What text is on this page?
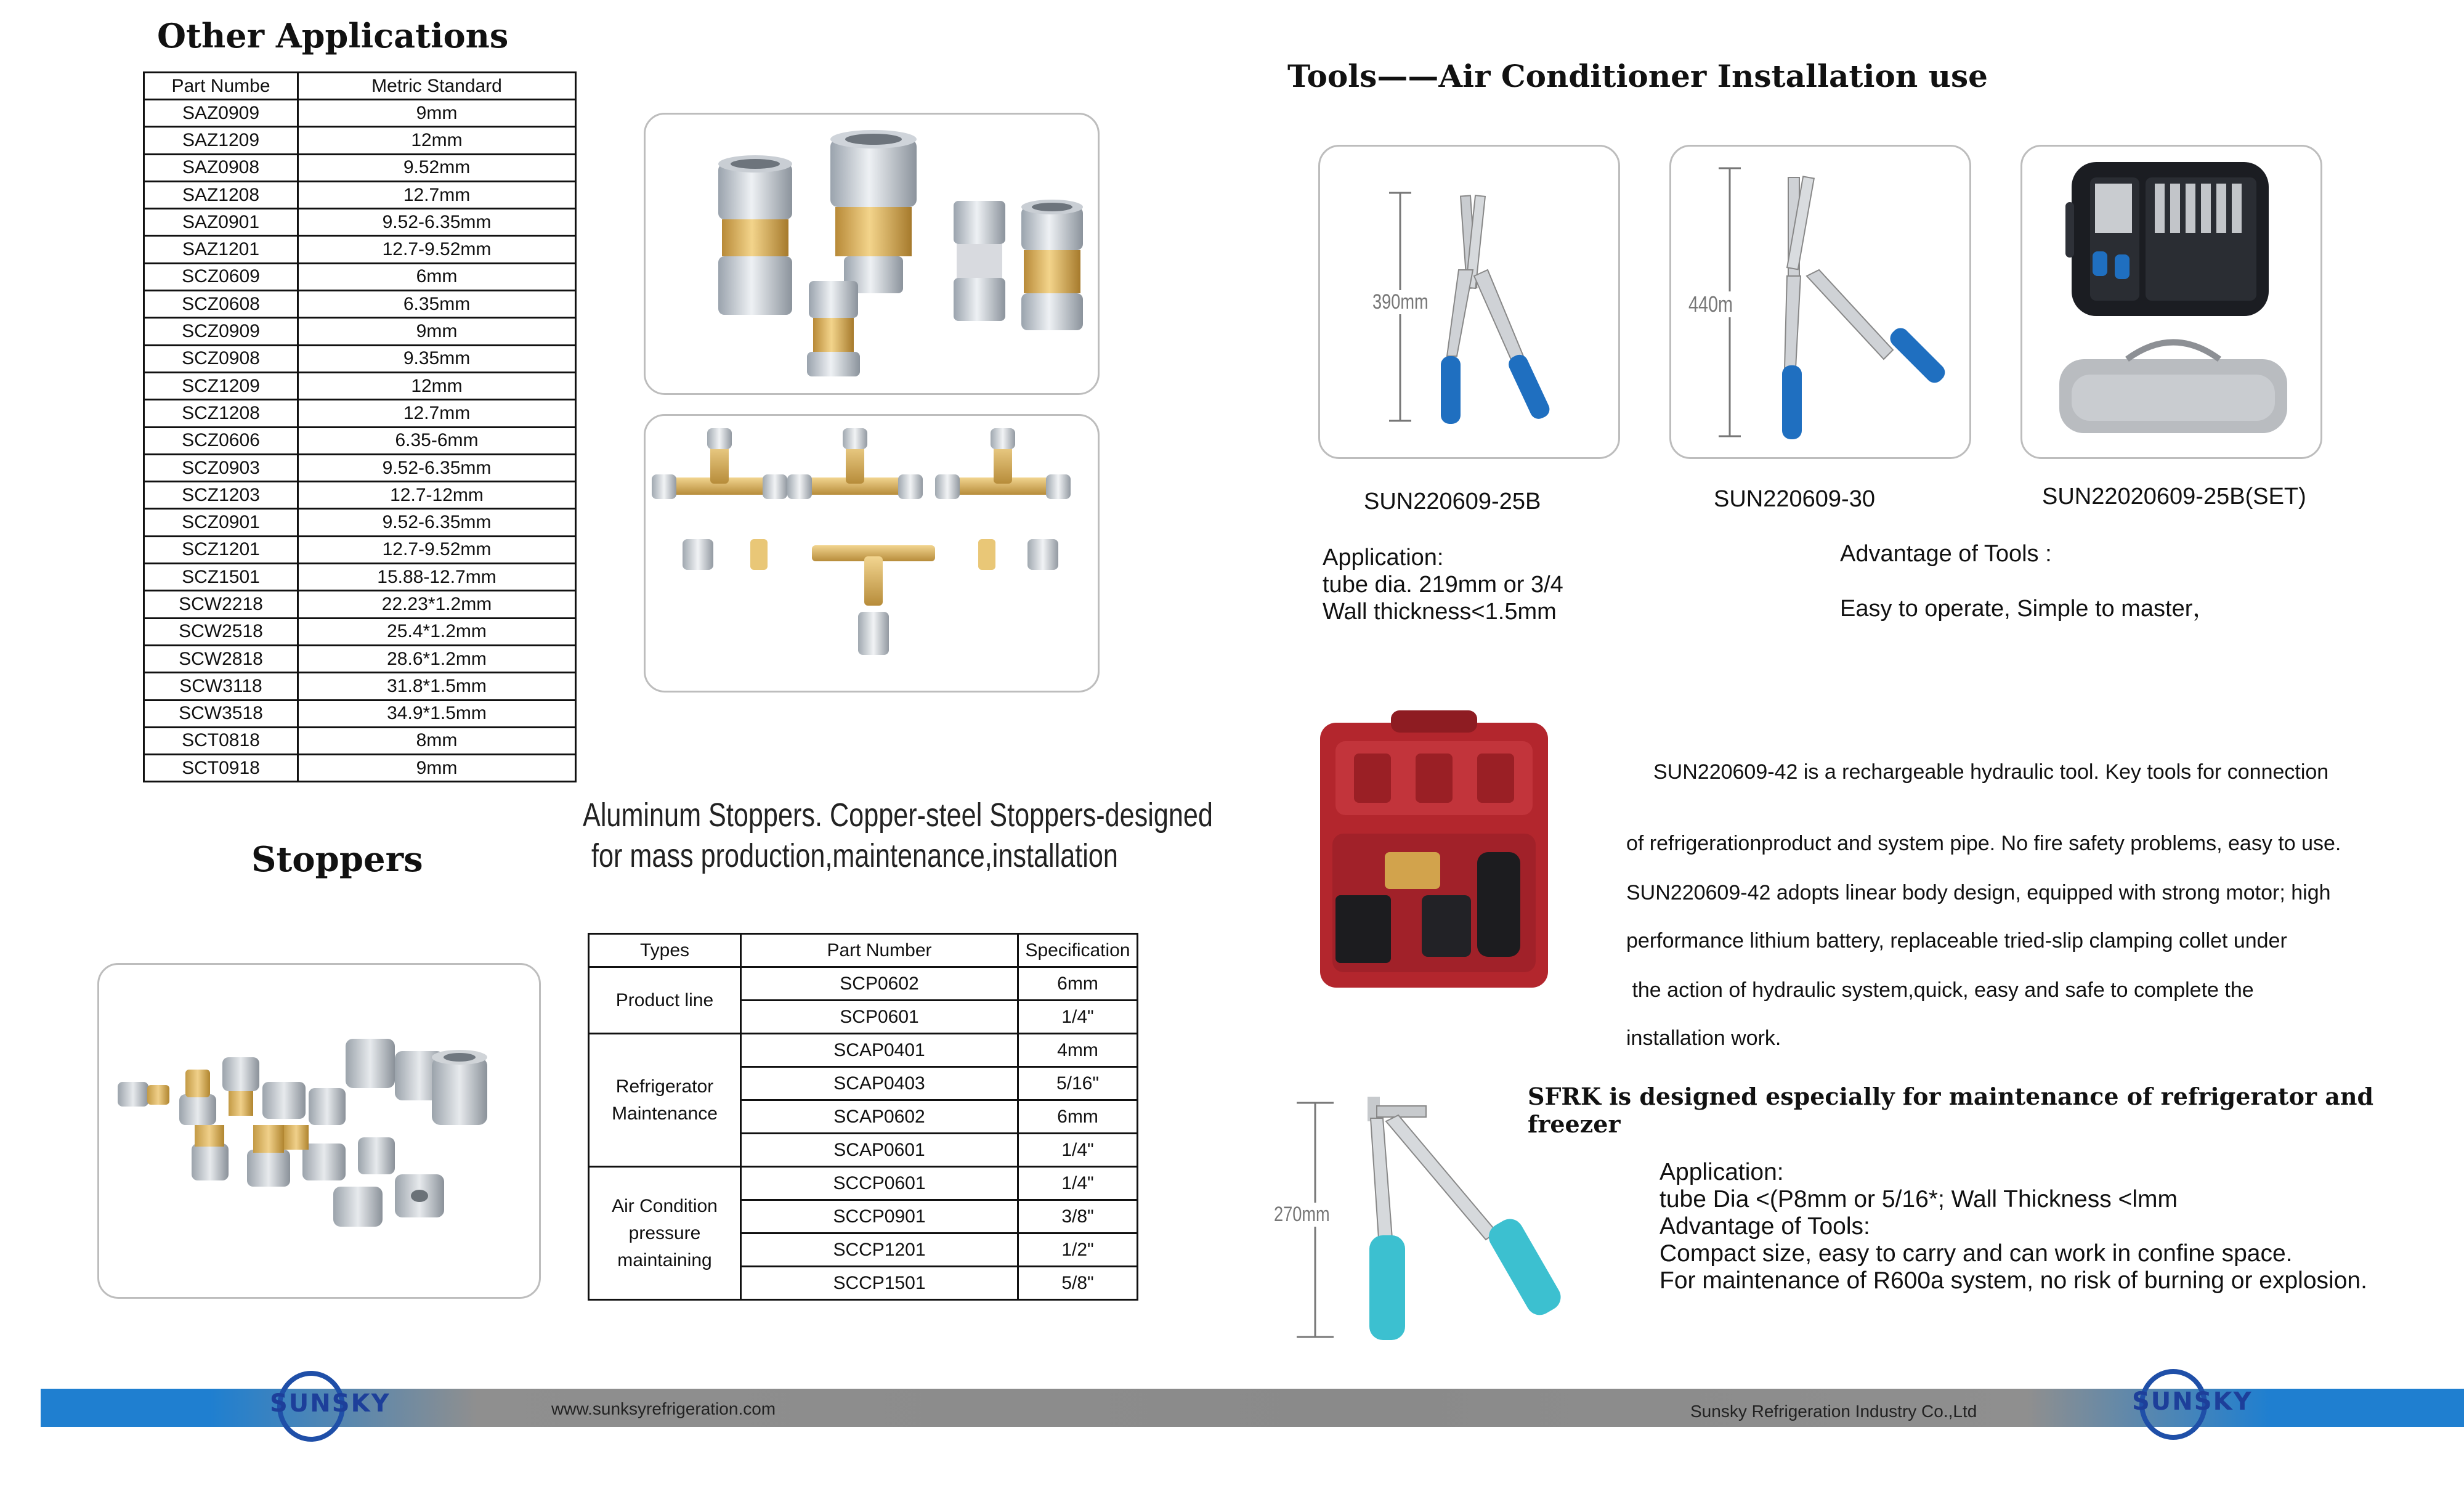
Other Applications
Part Numbe	Metric Standard
SAZ0909	9mm
SAZ1209	12mm
SAZ0908	9.52mm
SAZ1208	12.7mm
SAZ0901	9.52-6.35mm
SAZ1201	12.7-9.52mm
SCZ0609	6mm
SCZ0608	6.35mm
SCZ0909	9mm
SCZ0908	9.35mm
SCZ1209	12mm
SCZ1208	12.7mm
SCZ0606	6.35-6mm
SCZ0903	9.52-6.35mm
SCZ1203	12.7-12mm
SCZ0901	9.52-6.35mm
SCZ1201	12.7-9.52mm
SCZ1501	15.88-12.7mm
SCW2218	22.23*1.2mm
SCW2518	25.4*1.2mm
SCW2818	28.6*1.2mm
SCW3118	31.8*1.5mm
SCW3518	34.9*1.5mm
SCT0818	8mm
SCT0918	9mm
Stoppers
Aluminum Stoppers. Copper-steel Stoppers-designed
for mass production,maintenance,installation
Types	Part Number	Specification
Product line	SCP0602	6mm
	SCP0601	1/4"
Refrigerator Maintenance	SCAP0401	4mm
	SCAP0403	5/16"
	SCAP0602	6mm
	SCAP0601	1/4"
Air Condition pressure maintaining	SCCP0601	1/4"
	SCCP0901	3/8"
	SCCP1201	1/2"
	SCCP1501	5/8"
Tools——Air Conditioner Installation use
390mm
SUN220609-25B
440m
SUN220609-30	SUN22020609-25B(SET)
Application:
tube dia. 219mm or 3/4
Wall thickness<1.5mm
Advantage of Tools :
Easy to operate, Simple to master，
SUN220609-42 is a rechargeable hydraulic tool. Key tools for connection
of refrigerationproduct and system pipe. No fire safety problems, easy to use.
SUN220609-42 adopts linear body design, equipped with strong motor; high
performance lithium battery, replaceable tried-slip clamping collet under
the action of hydraulic system,quick, easy and safe to complete the
installation work.
SFRK is designed especially for maintenance of refrigerator and freezer
270mm
Application:
tube Dia <(P8mm or 5/16*; Wall Thickness <lmm
Advantage of Tools:
Compact size, easy to carry and can work in confine space.
For maintenance of R600a system, no risk of burning or explosion.
www.sunksyrefrigeration.com	Sunsky Refrigeration Industry Co.,Ltd
SUNSKY	SUNSKY
